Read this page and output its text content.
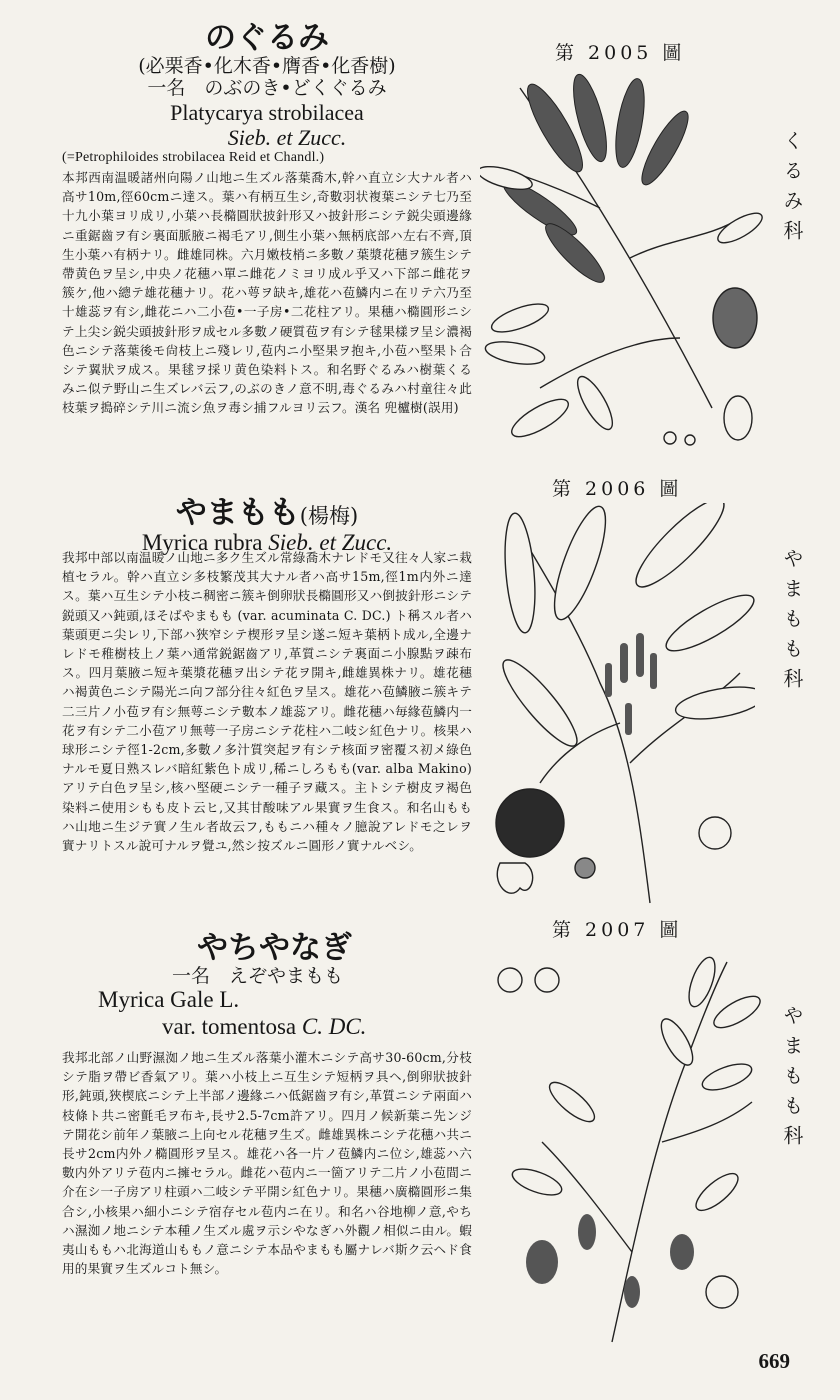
のぐるみ
(必栗香•化木香•膺香•化香樹)
一名　のぶのき•どくぐるみ
Platycarya strobilacea
Sieb. et Zucc.
(=Petrophiloides strobilacea Reid et Chandl.)
本邦西南温暖諸州向陽ノ山地ニ生ズル落葉喬木,幹ハ直立シ大ナル者ハ高サ10m,徑60cmニ達ス。葉ハ有柄互生シ,奇數羽状複葉ニシテ七乃至十九小葉ヨリ成リ,小葉ハ長橢圓狀披針形又ハ披針形ニシテ鋭尖頭邊緣ニ重鋸齒ヲ有シ裏面脈腋ニ褐毛アリ,側生小葉ハ無柄底部ハ左右不齊,頂生小葉ハ有柄ナリ。雌雄同株。六月嫩枝梢ニ多數ノ葉漿花穗ヲ簇生シテ帶黄色ヲ呈シ,中央ノ花穗ハ單ニ雌花ノミヨリ成ル乎又ハ下部ニ雌花ヲ簇ケ,他ハ總テ雄花穗ナリ。花ハ萼ヲ缺キ,雄花ハ苞鱗内ニ在リテ六乃至十雄蕊ヲ有シ,雌花ニハ二小苞•一子房•二花柱アリ。果穗ハ橢圓形ニシテ上尖シ鋭尖頭披針形ヲ成セル多數ノ硬質苞ヲ有シテ毬果樣ヲ呈シ濃褐色ニシテ落葉後モ尙枝上ニ殘レリ,苞内ニ小堅果ヲ抱キ,小苞ハ堅果ト合シテ翼狀ヲ成ス。果毬ヲ採リ黄色染料トス。和名野ぐるみハ樹葉くるみニ似テ野山ニ生ズレバ云フ,のぶのきノ意不明,毒ぐるみハ村童往々此枝葉ヲ搗碎シテ川ニ流シ魚ヲ毒シ捕フルヨリ云フ。漢名 兜櫨樹(誤用)
やまもも(楊梅)
Myrica rubra Sieb. et Zucc.
我邦中部以南温暖ノ山地ニ多ク生ズル常綠喬木ナレドモ又往々人家ニ栽植セラル。幹ハ直立シ多枝繁茂其大ナル者ハ高サ15m,徑1m内外ニ達ス。葉ハ互生シテ小枝ニ稠密ニ簇キ倒卵狀長橢圓形又ハ倒披針形ニシテ鋭頭又ハ鈍頭,ほそばやまもも (var. acuminata C. DC.) ト稱スル者ハ葉頭更ニ尖レリ,下部ハ狹窄シテ楔形ヲ呈シ遂ニ短キ葉柄ト成ル,全邊ナレドモ稚樹枝上ノ葉ハ通常鋭鋸齒アリ,革質ニシテ裏面ニ小腺點ヲ疎布ス。四月葉腋ニ短キ葉漿花穗ヲ出シテ花ヲ開キ,雌雄異株ナリ。雄花穗ハ褐黄色ニシテ陽光ニ向フ部分往々紅色ヲ呈ス。雄花ハ苞鱗腋ニ簇キテ二三片ノ小苞ヲ有シ無萼ニシテ數本ノ雄蕊アリ。雌花穗ハ毎緣苞鱗内一花ヲ有シテ二小苞アリ無萼一子房ニシテ花柱ハ二岐シ紅色ナリ。核果ハ球形ニシテ徑1-2cm,多數ノ多汁質突起ヲ有シテ核面ヲ密覆ス初メ綠色ナルモ夏日熟スレバ暗紅紫色ト成リ,稀ニしろもも(var. alba Makino)アリテ白色ヲ呈シ,核ハ堅硬ニシテ一種子ヲ藏ス。主トシテ樹皮ヲ褐色染料ニ使用シもも皮ト云ヒ,又其甘酸味アル果實ヲ生食ス。和名山ももハ山地ニ生ジテ實ノ生ル者故云フ,ももニハ種々ノ臆說アレドモ之レヲ實ナリトスル說可ナルヲ覺ユ,然シ按ズルニ圓形ノ實ナルベシ。
やちやなぎ
一名　えぞやまもも
Myrica Gale L.
var. tomentosa C. DC.
我邦北部ノ山野濕洳ノ地ニ生ズル落葉小灌木ニシテ高サ30-60cm,分枝シテ脂ヲ帶ビ香氣アリ。葉ハ小枝上ニ互生シテ短柄ヲ具ヘ,倒卵狀披針形,鈍頭,狹楔底ニシテ上半部ノ邊緣ニハ低鋸齒ヲ有シ,革質ニシテ兩面ハ枝條ト共ニ密氈毛ヲ布キ,長サ2.5-7cm許アリ。四月ノ候新葉ニ先ンジテ開花シ前年ノ葉腋ニ上向セル花穗ヲ生ズ。雌雄異株ニシテ花穗ハ共ニ長サ2cm内外ノ橢圓形ヲ呈ス。雄花ハ各一片ノ苞鱗内ニ位シ,雄蕊ハ六數内外アリテ苞内ニ擁セラル。雌花ハ苞内ニ一箇アリテ二片ノ小苞間ニ介在シ一子房アリ柱頭ハ二岐シテ平開シ紅色ナリ。果穗ハ廣橢圓形ニ集合シ,小核果ハ細小ニシテ宿存セル苞内ニ在リ。和名ハ谷地柳ノ意,やちハ濕洳ノ地ニシテ本種ノ生ズル處ヲ示シやなぎハ外觀ノ相似ニ由ル。蝦夷山ももハ北海道山ももノ意ニシテ本品やまもも屬ナレバ斯ク云ヘド食用的果實ヲ生ズルコト無シ。
第 2005 圖
くるみ科
第 2006 圖
やまもも科
第 2007 圖
やまもも科
669
